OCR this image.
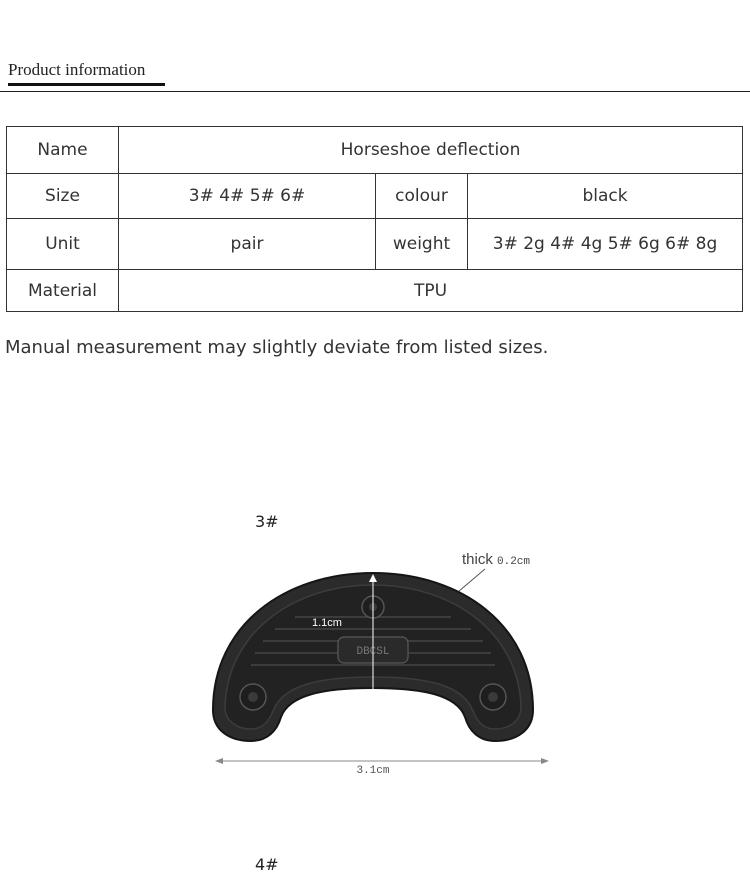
Product information
Name	Horseshoe deflection		
Size	3# 4# 5# 6#	colour	black
Unit	pair	weight	3# 2g 4# 4g 5# 6g 6# 8g
Material	TPU		
Manual measurement may slightly deviate from listed sizes.
3#
thick 0.2cm
DBCSL
1.1cm
3.1cm
4#
